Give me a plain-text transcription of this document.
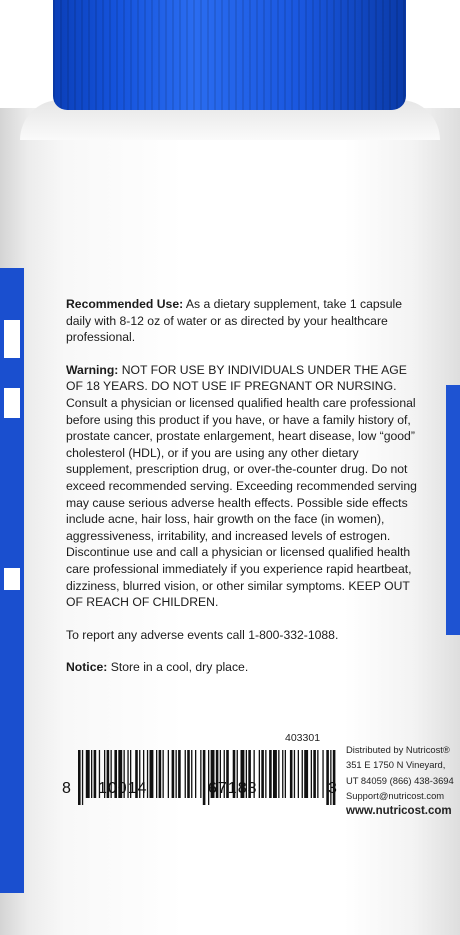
Recommended Use: As a dietary supplement, take 1 capsule daily with 8-12 oz of water or as directed by your healthcare professional.

Warning: NOT FOR USE BY INDIVIDUALS UNDER THE AGE OF 18 YEARS. DO NOT USE IF PREGNANT OR NURSING. Consult a physician or licensed qualified health care professional before using this product if you have, or have a family history of, prostate cancer, prostate enlargement, heart disease, low “good” cholesterol (HDL), or if you are using any other dietary supplement, prescription drug, or over-the-counter drug. Do not exceed recommended serving. Exceeding recommended serving may cause serious adverse health effects. Possible side effects include acne, hair loss, hair growth on the face (in women), aggressiveness, irritability, and increased levels of estrogen. Discontinue use and call a physician or licensed qualified health care professional immediately if you experience rapid heartbeat, dizziness, blurred vision, or other similar symptoms. KEEP OUT OF REACH OF CHILDREN.

To report any adverse events call 1-800-332-1088.

Notice: Store in a cool, dry place.

403301
8 10014	67183	3
Distributed by Nutricost®
351 E 1750 N Vineyard,
UT 84059 (866) 438-3694
Support@nutricost.com
www.nutricost.com
